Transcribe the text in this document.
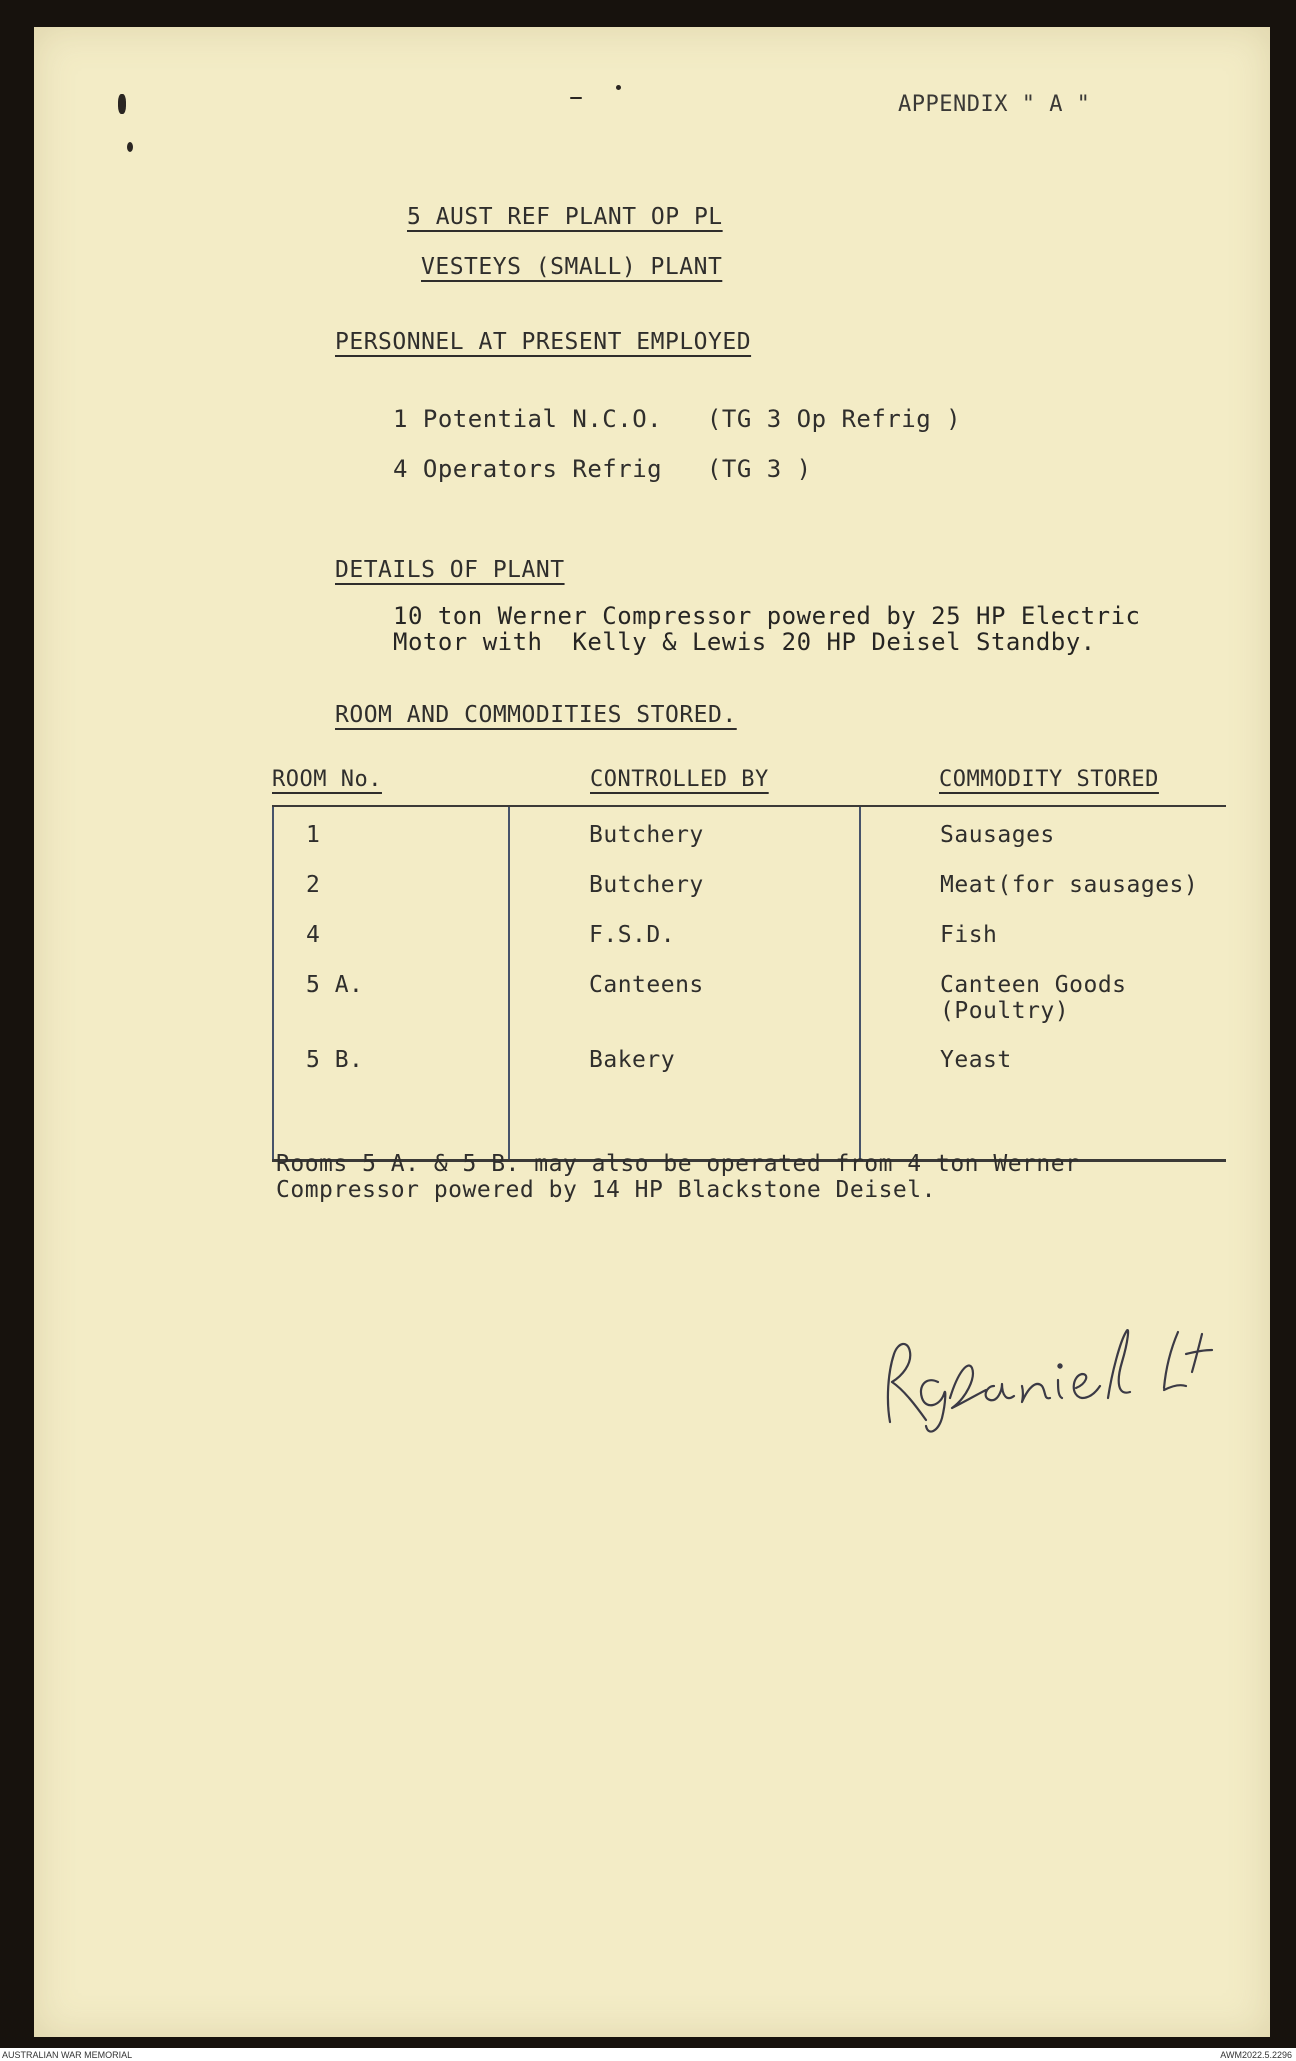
APPENDIX " A "

5 AUST REF PLANT OP PL

VESTEYS (SMALL) PLANT

PERSONNEL AT PRESENT EMPLOYED

1 Potential N.C.O.   (TG 3 Op Refrig )

4 Operators Refrig   (TG 3 )

DETAILS OF PLANT

10 ton Werner Compressor powered by 25 HP Electric

Motor with  Kelly & Lewis 20 HP Deisel Standby.

ROOM AND COMMODITIES STORED.

ROOM No.	CONTROLLED BY	COMMODITY STORED

1	Butchery	Sausages

2	Butchery	Meat(for sausages)

4	F.S.D.	Fish

5 A.	Canteens	Canteen Goods
(Poultry)

5 B.	Bakery	Yeast

Rooms 5 A. & 5 B. may also be operated from 4 ton Werner

Compressor powered by 14 HP Blackstone Deisel.

AUSTRALIAN WAR MEMORIAL	AWM2022.5.2296
